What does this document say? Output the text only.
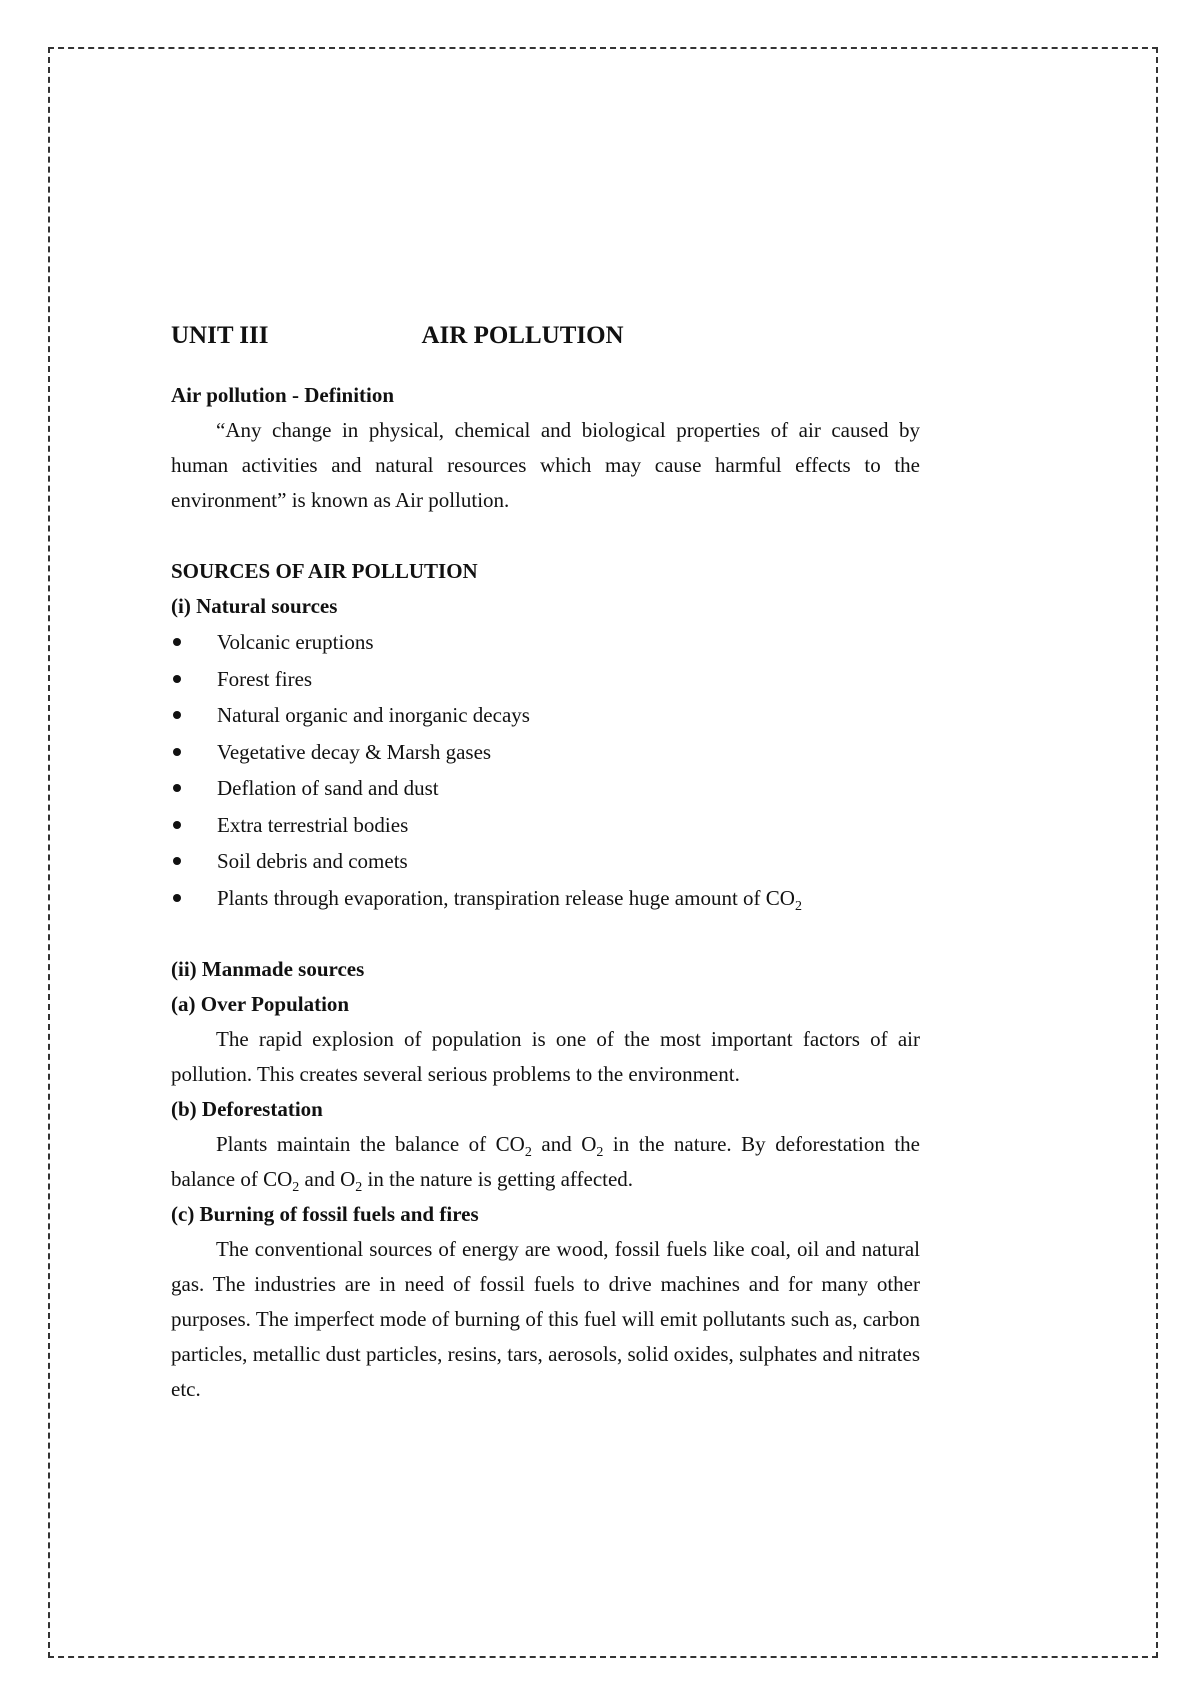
UNIT III	AIR POLLUTION

Air pollution - Definition

“Any change in physical, chemical and biological properties of air caused by human activities and natural resources which may cause harmful effects to the environment” is known as Air pollution.

SOURCES OF AIR POLLUTION

(i) Natural sources

Volcanic eruptions
Forest fires
Natural organic and inorganic decays
Vegetative decay & Marsh gases
Deflation of sand and dust
Extra terrestrial bodies
Soil debris and comets
Plants through evaporation, transpiration release huge amount of $CO_2$

(ii) Manmade sources

(a) Over Population

The rapid explosion of population is one of the most important factors of air pollution. This creates several serious problems to the environment.

(b) Deforestation

Plants maintain the balance of $CO_2$ and $O_2$ in the nature. By deforestation the balance of $CO_2$ and $O_2$ in the nature is getting affected.

(c) Burning of fossil fuels and fires

The conventional sources of energy are wood, fossil fuels like coal, oil and natural gas. The industries are in need of fossil fuels to drive machines and for many other purposes. The imperfect mode of burning of this fuel will emit pollutants such as, carbon particles, metallic dust particles, resins, tars, aerosols, solid oxides, sulphates and nitrates etc.
